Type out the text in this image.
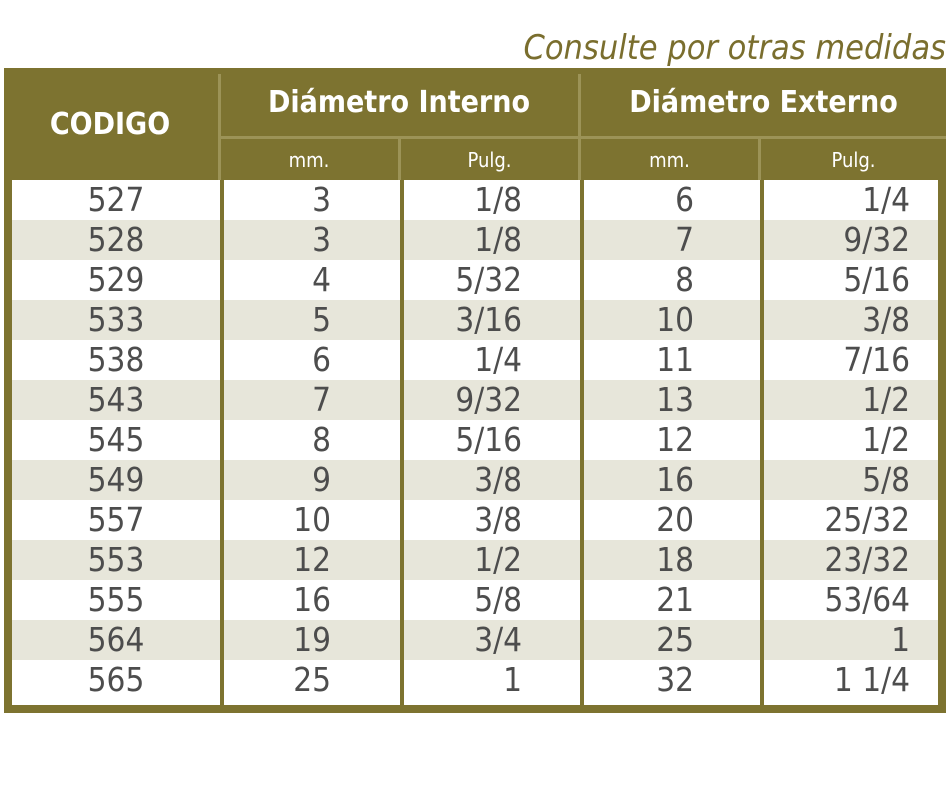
Consulte por otras medidas
CODIGO
Diámetro Interno	Diámetro Externo
mm.	Pulg.	mm.	Pulg.
527	3	1/8	6	1/4
528	3	1/8	7	9/32
529	4	5/32	8	5/16
533	5	3/16	10	3/8
538	6	1/4	11	7/16
543	7	9/32	13	1/2
545	8	5/16	12	1/2
549	9	3/8	16	5/8
557	10	3/8	20	25/32
553	12	1/2	18	23/32
555	16	5/8	21	53/64
564	19	3/4	25	1
565	25	1	32	1 1/4
